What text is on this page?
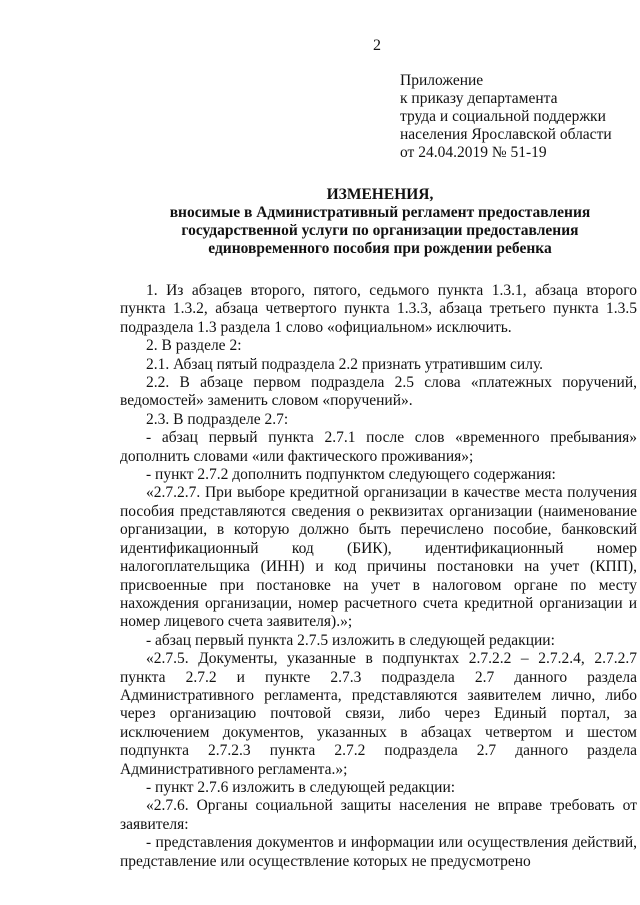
2
Приложение
к приказу департамента
труда и социальной поддержки
населения Ярославской области
от 24.04.2019 № 51-19
ИЗМЕНЕНИЯ,
вносимые в Административный регламент предоставления
государственной услуги по организации предоставления
единовременного пособия при рождении ребенка

1. Из абзацев второго, пятого, седьмого пункта 1.3.1, абзаца второго пункта 1.3.2, абзаца четвертого пункта 1.3.3, абзаца третьего пункта 1.3.5 подраздела 1.3 раздела 1 слово «официальном» исключить.

2. В разделе 2:

2.1. Абзац пятый подраздела 2.2 признать утратившим силу.

2.2. В абзаце первом подраздела 2.5 слова «платежных поручений, ведомостей» заменить словом «поручений».

2.3. В подразделе 2.7:

- абзац первый пункта 2.7.1 после слов «временного пребывания» дополнить словами «или фактического проживания»;

- пункт 2.7.2 дополнить подпунктом следующего содержания:

«2.7.2.7. При выборе кредитной организации в качестве места получения пособия представляются сведения о реквизитах организации (наименование организации, в которую должно быть перечислено пособие, банковский идентификационный код (БИК), идентификационный номер налогоплательщика (ИНН) и код причины постановки на учет (КПП), присвоенные при постановке на учет в налоговом органе по месту нахождения организации, номер расчетного счета кредитной организации и номер лицевого счета заявителя).»;

- абзац первый пункта 2.7.5 изложить в следующей редакции:

«2.7.5. Документы, указанные в подпунктах 2.7.2.2 – 2.7.2.4, 2.7.2.7 пункта 2.7.2 и пункте 2.7.3 подраздела 2.7 данного раздела Административного регламента, представляются заявителем лично, либо через организацию почтовой связи, либо через Единый портал, за исключением документов, указанных в абзацах четвертом и шестом подпункта 2.7.2.3 пункта 2.7.2 подраздела 2.7 данного раздела Административного регламента.»;

- пункт 2.7.6 изложить в следующей редакции:

«2.7.6. Органы социальной защиты населения не вправе требовать от заявителя:

- представления документов и информации или осуществления действий, представление или осуществление которых не предусмотрено
